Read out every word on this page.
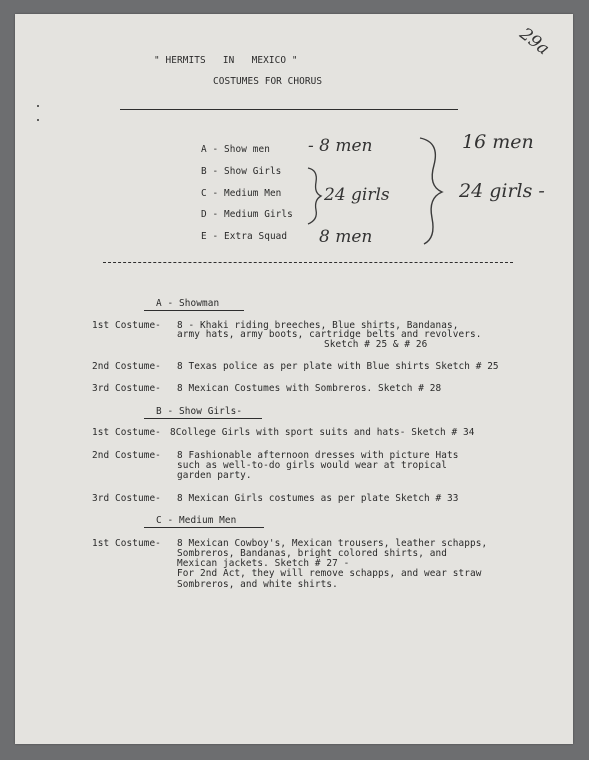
29a
" HERMITS   IN   MEXICO "
COSTUMES FOR CHORUS
A - Show men
B - Show Girls
C - Medium Men
D - Medium Girls
E - Extra Squad
- 8 men
24 girls
8 men
16 men
24 girls -
A - Showman
1st Costume- 8 - Khaki riding breeches, Blue shirts, Bandanas,
army hats, army boots, cartridge belts and revolvers.
Sketch # 25 & # 26
2nd Costume- 8 Texas police as per plate with Blue shirts Sketch # 25
3rd Costume- 8 Mexican Costumes with Sombreros. Sketch # 28
B - Show Girls-
1st Costume- 8College Girls with sport suits and hats- Sketch # 34
2nd Costume- 8 Fashionable afternoon dresses with picture Hats
such as well-to-do girls would wear at tropical
garden party.
3rd Costume- 8 Mexican Girls costumes as per plate Sketch # 33
C - Medium Men
1st Costume- 8 Mexican Cowboy's, Mexican trousers, leather schapps,
Sombreros, Bandanas, bright colored shirts, and
Mexican jackets. Sketch # 27 -
For 2nd Act, they will remove schapps, and wear straw
Sombreros, and white shirts.
